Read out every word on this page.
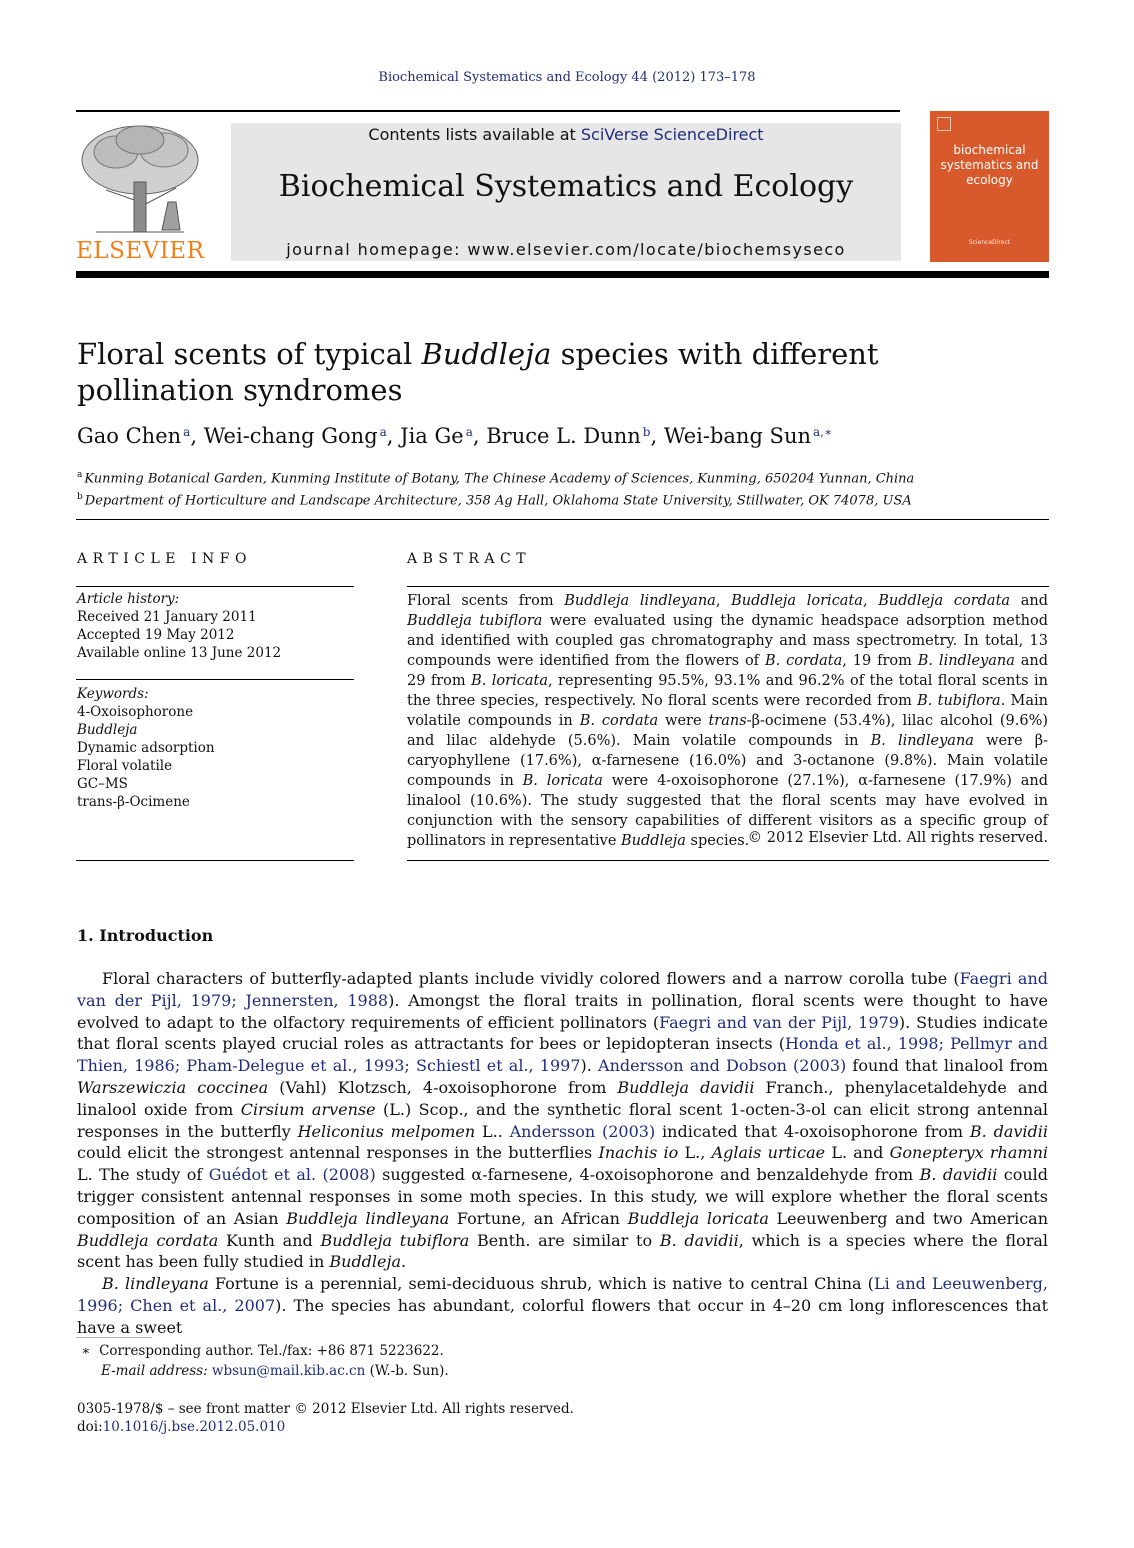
Biochemical Systematics and Ecology 44 (2012) 173–178
ELSEVIER
Contents lists available at SciVerse ScienceDirect
Biochemical Systematics and Ecology
journal homepage: www.elsevier.com/locate/biochemsyseco
biochemical systematics and ecology
ScienceDirect
Floral scents of typical Buddleja species with different pollination syndromes
Gao Chen $^a$, Wei-chang Gong $^a$, Jia Ge $^a$, Bruce L. Dunn $^b$, Wei-bang Sun $^{a,∗}$
$^a$ Kunming Botanical Garden, Kunming Institute of Botany, The Chinese Academy of Sciences, Kunming, 650204 Yunnan, China
$^b$ Department of Horticulture and Landscape Architecture, 358 Ag Hall, Oklahoma State University, Stillwater, OK 74078, USA
ARTICLE INFO
Article history:
Received 21 January 2011
Accepted 19 May 2012
Available online 13 June 2012
Keywords:
4-Oxoisophorone
Buddleja
Dynamic adsorption
Floral volatile
GC–MS
trans-β-Ocimene
ABSTRACT
Floral scents from Buddleja lindleyana, Buddleja loricata, Buddleja cordata and Buddleja tubiflora were evaluated using the dynamic headspace adsorption method and identified with coupled gas chromatography and mass spectrometry. In total, 13 compounds were identified from the flowers of B. cordata, 19 from B. lindleyana and 29 from B. loricata, representing 95.5%, 93.1% and 96.2% of the total floral scents in the three species, respectively. No floral scents were recorded from B. tubiflora. Main volatile compounds in B. cordata were trans-β-ocimene (53.4%), lilac alcohol (9.6%) and lilac aldehyde (5.6%). Main volatile compounds in B. lindleyana were β-caryophyllene (17.6%), α-farnesene (16.0%) and 3-octanone (9.8%). Main volatile compounds in B. loricata were 4-oxoisophorone (27.1%), α-farnesene (17.9%) and linalool (10.6%). The study suggested that the floral scents may have evolved in conjunction with the sensory capabilities of different visitors as a specific group of pollinators in representative Buddleja species.
© 2012 Elsevier Ltd. All rights reserved.
1. Introduction

Floral characters of butterfly-adapted plants include vividly colored flowers and a narrow corolla tube (Faegri and van der Pijl, 1979; Jennersten, 1988). Amongst the floral traits in pollination, floral scents were thought to have evolved to adapt to the olfactory requirements of efficient pollinators (Faegri and van der Pijl, 1979). Studies indicate that floral scents played crucial roles as attractants for bees or lepidopteran insects (Honda et al., 1998; Pellmyr and Thien, 1986; Pham-Delegue et al., 1993; Schiestl et al., 1997). Andersson and Dobson (2003) found that linalool from Warszewiczia coccinea (Vahl) Klotzsch, 4-oxoisophorone from Buddleja davidii Franch., phenylacetaldehyde and linalool oxide from Cirsium arvense (L.) Scop., and the synthetic floral scent 1-octen-3-ol can elicit strong antennal responses in the butterfly Heliconius melpomen L.. Andersson (2003) indicated that 4-oxoisophorone from B. davidii could elicit the strongest antennal responses in the butterflies Inachis io L., Aglais urticae L. and Gonepteryx rhamni L. The study of Guédot et al. (2008) suggested α-farnesene, 4-oxoisophorone and benzaldehyde from B. davidii could trigger consistent antennal responses in some moth species. In this study, we will explore whether the floral scents composition of an Asian Buddleja lindleyana Fortune, an African Buddleja loricata Leeuwenberg and two American Buddleja cordata Kunth and Buddleja tubiflora Benth. are similar to B. davidii, which is a species where the floral scent has been fully studied in Buddleja.

B. lindleyana Fortune is a perennial, semi-deciduous shrub, which is native to central China (Li and Leeuwenberg, 1996; Chen et al., 2007). The species has abundant, colorful flowers that occur in 4–20 cm long inflorescences that have a sweet

∗ Corresponding author. Tel./fax: +86 871 5223622.
E-mail address: wbsun@mail.kib.ac.cn (W.-b. Sun).
0305-1978/$ – see front matter © 2012 Elsevier Ltd. All rights reserved.
doi:10.1016/j.bse.2012.05.010
